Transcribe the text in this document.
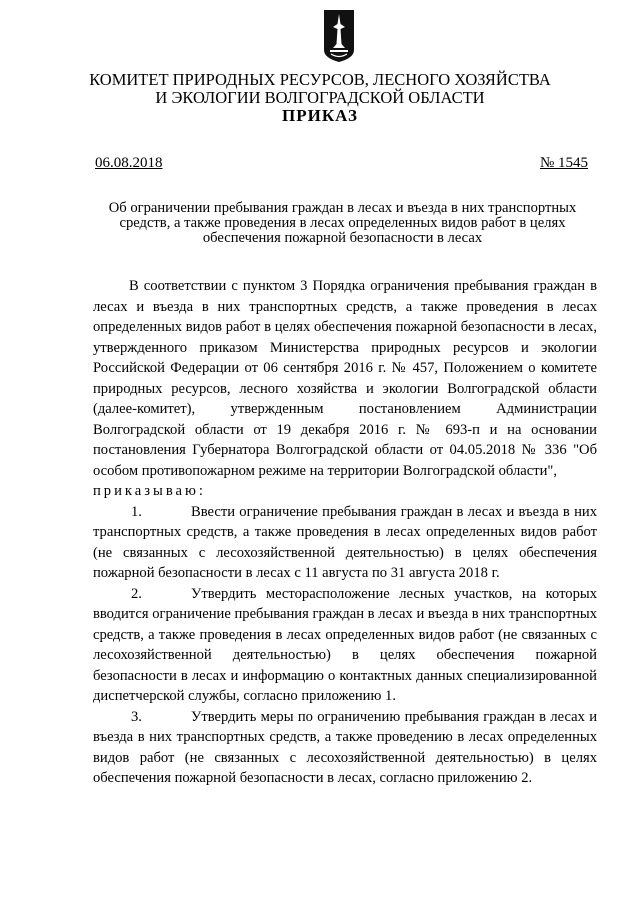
КОМИТЕТ ПРИРОДНЫХ РЕСУРСОВ, ЛЕСНОГО ХОЗЯЙСТВА
И ЭКОЛОГИИ ВОЛГОГРАДСКОЙ ОБЛАСТИ
ПРИКАЗ
06.08.2018	№ 1545
Об ограничении пребывания граждан в лесах и въезда в них транспортных
средств, а также проведения в лесах определенных видов работ в целях
обеспечения пожарной безопасности в лесах

В соответствии с пунктом 3 Порядка ограничения пребывания граждан в лесах и въезда в них транспортных средств, а также проведения в лесах определенных видов работ в целях обеспечения пожарной безопасности в лесах, утвержденного приказом Министерства природных ресурсов и экологии Российской Федерации от 06 сентября 2016 г. № 457, Положением о комитете природных ресурсов, лесного хозяйства и экологии Волгоградской области (далее-комитет), утвержденным постановлением Администрации Волгоградской области от 19 декабря 2016 г. № 693-п и на основании постановления Губернатора Волгоградской области от 04.05.2018 № 336 "Об особом противопожарном режиме на территории Волгоградской области",

приказываю:

1.	Ввести ограничение пребывания граждан в лесах и въезда в них транспортных средств, а также проведения в лесах определенных видов работ (не связанных с лесохозяйственной деятельностью) в целях обеспечения пожарной безопасности в лесах с 11 августа по 31 августа 2018 г.

2.	Утвердить месторасположение лесных участков, на которых вводится ограничение пребывания граждан в лесах и въезда в них транспортных средств, а также проведения в лесах определенных видов работ (не связанных с лесохозяйственной деятельностью) в целях обеспечения пожарной безопасности в лесах и информацию о контактных данных специализированной диспетчерской службы, согласно приложению 1.

3.	Утвердить меры по ограничению пребывания граждан в лесах и въезда в них транспортных средств, а также проведению в лесах определенных видов работ (не связанных с лесохозяйственной деятельностью) в целях обеспечения пожарной безопасности в лесах, согласно приложению 2.
